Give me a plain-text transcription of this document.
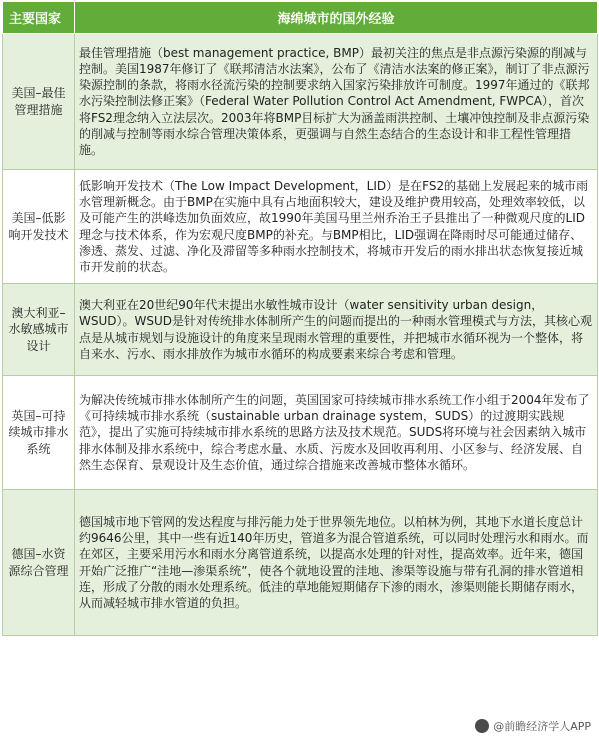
主要国家	海绵城市的国外经验
美国–最佳管理措施	最佳管理措施（best management practice, BMP）最初关注的焦点是非点源污染源的削减与控制。美国1987年修订了《联邦清洁水法案》，公布了《清洁水法案的修正案》，制订了非点源污染源控制的条款，将雨水径流污染的控制要求纳入国家污染排放许可制度。1997年通过的《联邦水污染控制法修正案》（Federal Water Pollution Control Act Amendment, FWPCA），首次将FS2理念纳入立法层次。2003年将BMP目标扩大为涵盖雨洪控制、土壤冲蚀控制及非点源污染的削减与控制等雨水综合管理决策体系，更强调与自然生态结合的生态设计和非工程性管理措施。
美国–低影响开发技术	低影响开发技术（The Low Impact Development，LID）是在FS2的基础上发展起来的城市雨水管理新概念。由于BMP在实施中具有占地面积较大，建设及维护费用较高，处理效率较低，以及可能产生的洪峰迭加负面效应，故1990年美国马里兰州乔治王子县推出了一种微观尺度的LID理念与技术体系，作为宏观尺度BMP的补充。与BMP相比，LID强调在降雨时尽可能通过储存、渗透、蒸发、过滤、净化及滞留等多种雨水控制技术，将城市开发后的雨水排出状态恢复接近城市开发前的状态。
澳大利亚–水敏感城市设计	澳大利亚在20世纪90年代末提出水敏性城市设计（water sensitivity urban design，WSUD）。WSUD是针对传统排水体制所产生的问题而提出的一种雨水管理模式与方法，其核心观点是从城市规划与设施设计的角度来呈现雨水管理的重要性，并把城市水循环视为一个整体，将自来水、污水、雨水排放作为城市水循环的构成要素来综合考虑和管理。
英国–可持续城市排水系统	为解决传统城市排水体制所产生的问题，英国国家可持续城市排水系统工作小组于2004年发布了《可持续城市排水系统（sustainable urban drainage system，SUDS）的过渡期实践规范》，提出了实施可持续城市排水系统的思路方法及技术规范。SUDS将环境与社会因素纳入城市排水体制及排水系统中，综合考虑水量、水质、污废水及回收再利用、小区参与、经济发展、自然生态保育、景观设计及生态价值，通过综合措施来改善城市整体水循环。
德国–水资源综合管理	德国城市地下管网的发达程度与排污能力处于世界领先地位。以柏林为例，其地下水道长度总计约9646公里，其中一些有近140年历史，管道多为混合管道系统，可以同时处理污水和雨水。而在郊区，主要采用污水和雨水分离管道系统，以提高水处理的针对性，提高效率。近年来，德国开始广泛推广“洼地—渗渠系统”，使各个就地设置的洼地、渗渠等设施与带有孔洞的排水管道相连，形成了分散的雨水处理系统。低洼的草地能短期储存下渗的雨水，渗渠则能长期储存雨水，从而减轻城市排水管道的负担。
@前瞻经济学人APP
